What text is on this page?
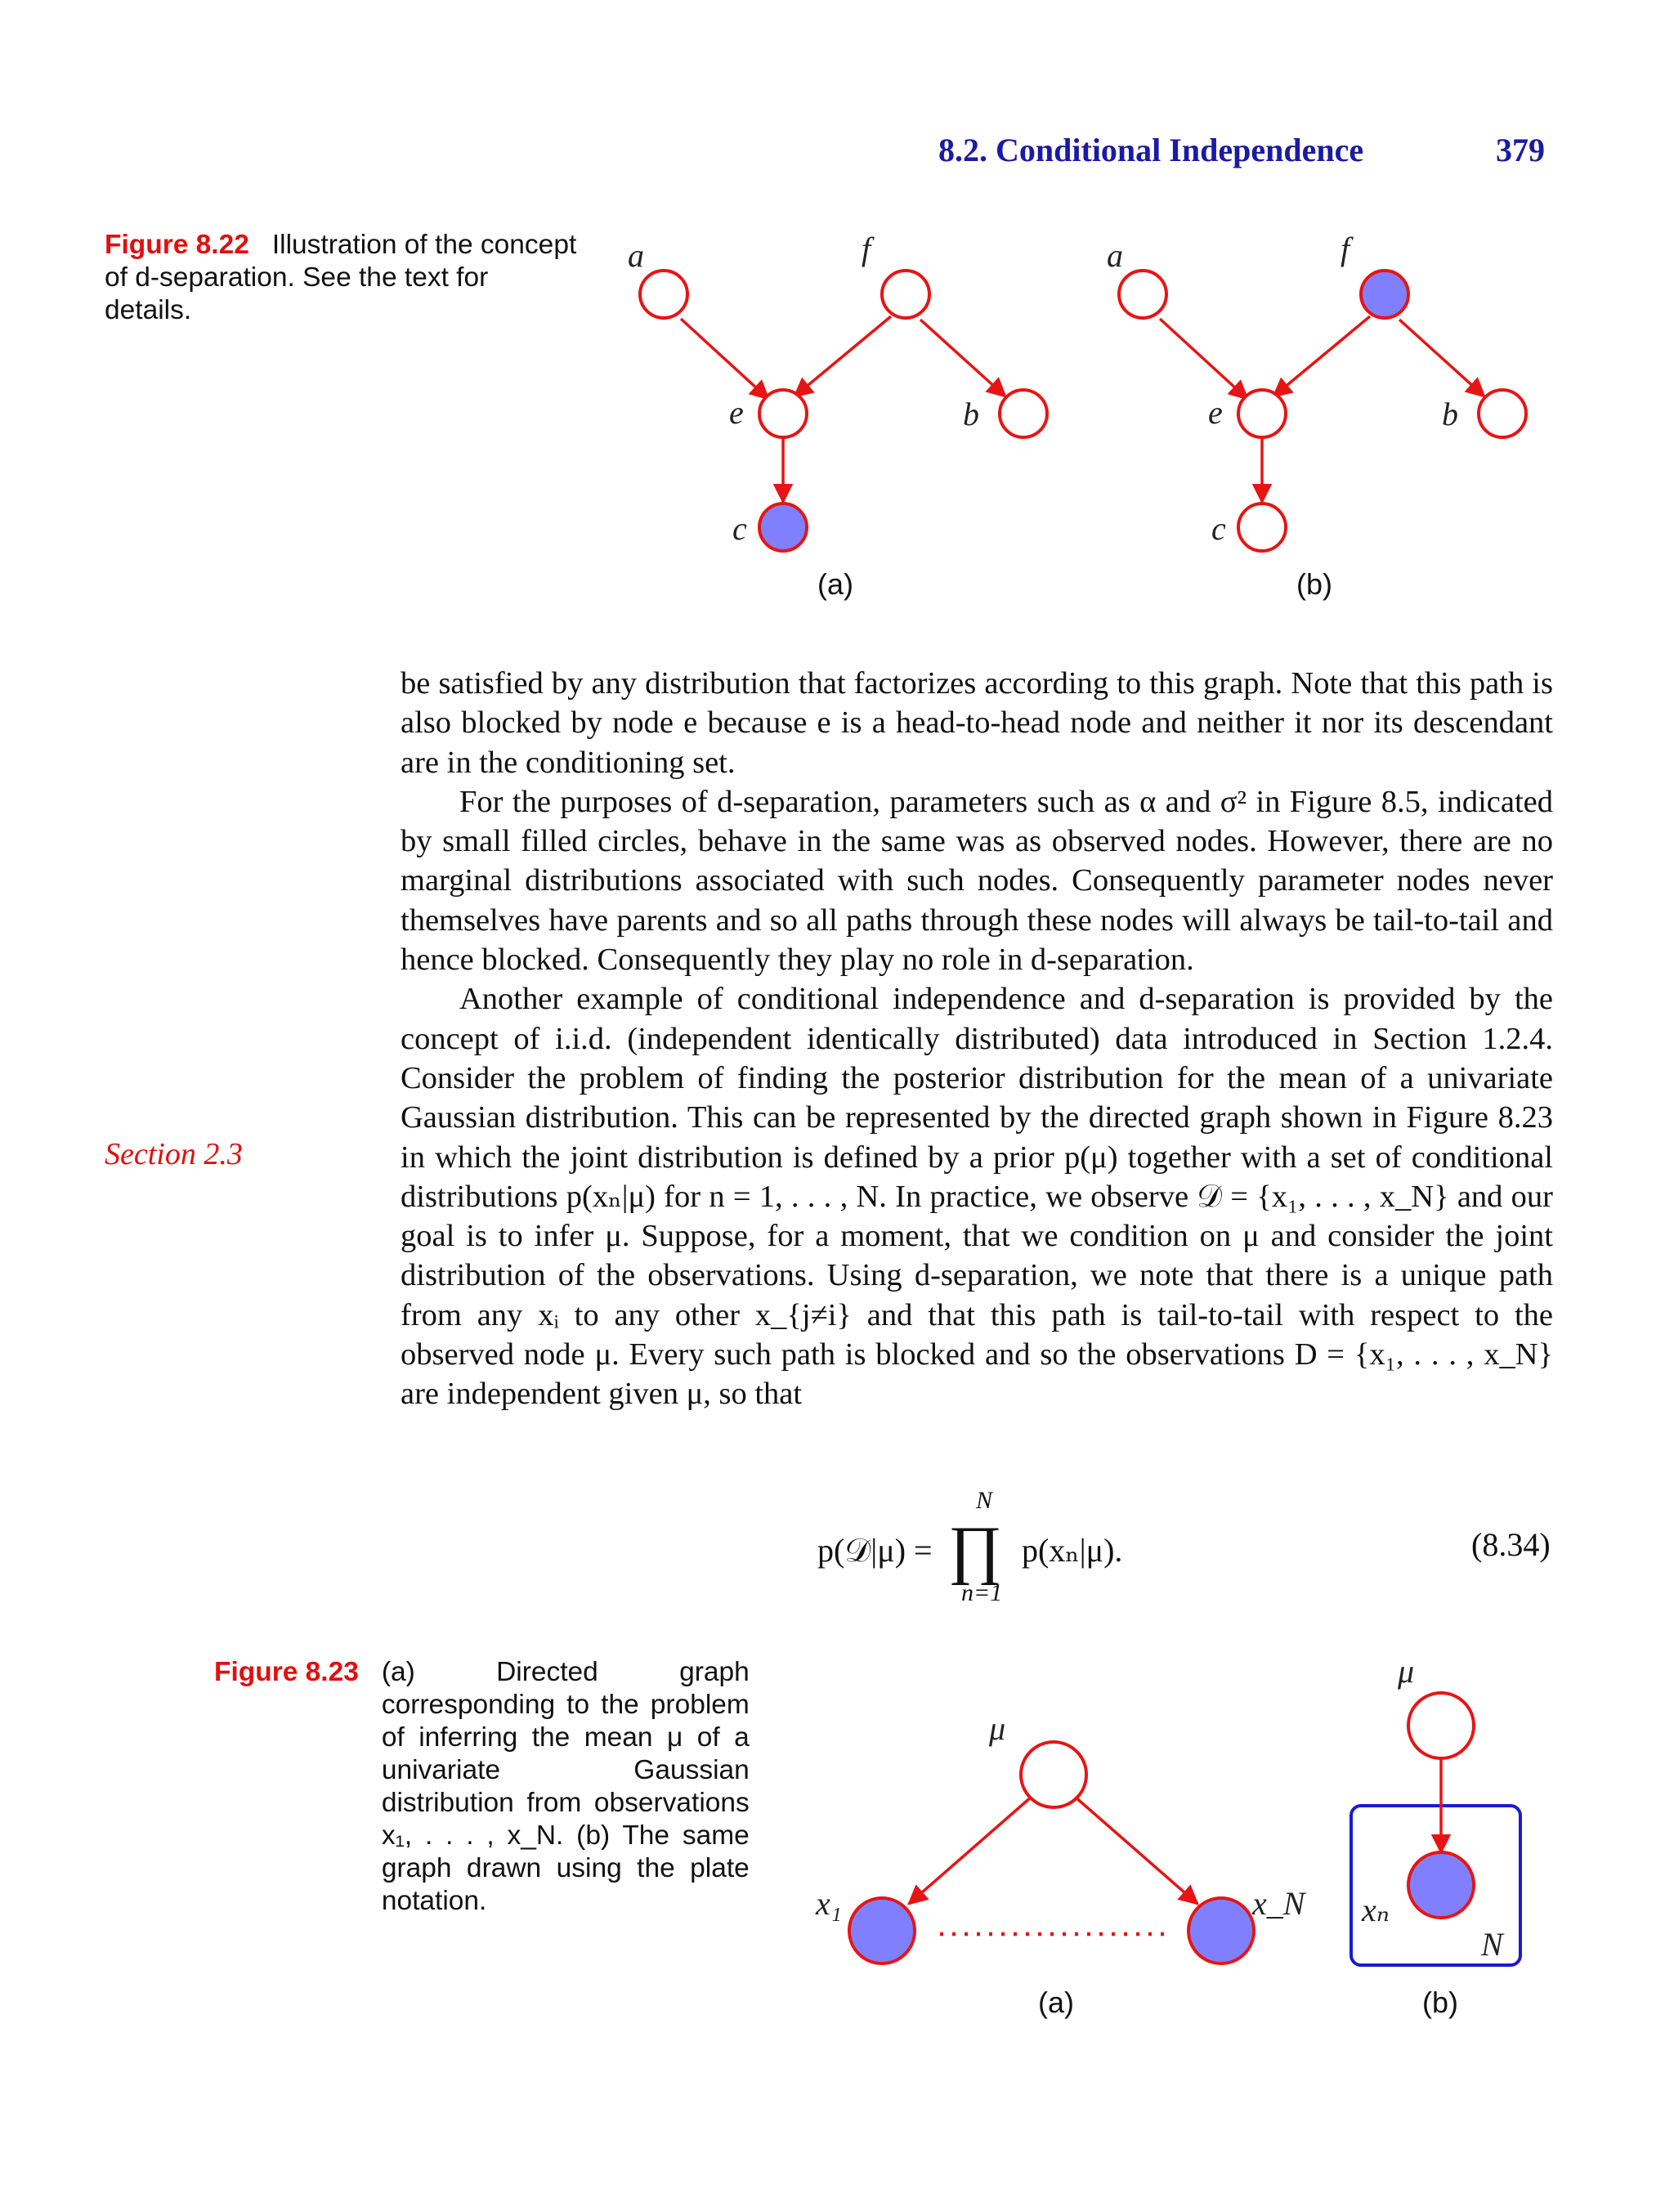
8.2. Conditional Independence	379
Figure 8.22 Illustration of the concept of d-separation. See the text for details.
Section 2.3

be satisfied by any distribution that factorizes according to this graph. Note that this path is also blocked by node e because e is a head-to-head node and neither it nor its descendant are in the conditioning set.

For the purposes of d-separation, parameters such as α and σ² in Figure 8.5, indicated by small filled circles, behave in the same was as observed nodes. However, there are no marginal distributions associated with such nodes. Consequently parameter nodes never themselves have parents and so all paths through these nodes will always be tail-to-tail and hence blocked. Consequently they play no role in d-separation.

Another example of conditional independence and d-separation is provided by the concept of i.i.d. (independent identically distributed) data introduced in Section 1.2.4. Consider the problem of finding the posterior distribution for the mean of a univariate Gaussian distribution. This can be represented by the directed graph shown in Figure 8.23 in which the joint distribution is defined by a prior p(μ) together with a set of conditional distributions p(xₙ|μ) for n = 1, . . . , N. In practice, we observe 𝒟 = {x₁, . . . , x_N} and our goal is to infer μ. Suppose, for a moment, that we condition on μ and consider the joint distribution of the observations. Using d-separation, we note that there is a unique path from any xᵢ to any other x_{j≠i} and that this path is tail-to-tail with respect to the observed node μ. Every such path is blocked and so the observations D = {x₁, . . . , x_N} are independent given μ, so that

(8.34)
Figure 8.23 (a) Directed graph corresponding to the problem of inferring the mean μ of a univariate Gaussian distribution from observations x₁, . . . , x_N. (b) The same graph drawn using the plate notation.
a	f
e	b
c
(a)
a	f
e	b
c
(b)
p(𝒟|μ) = ∏
N
n=1
p(xₙ|μ).
μ
x₁	x_N
(a)
μ
xₙ
N
(b)
